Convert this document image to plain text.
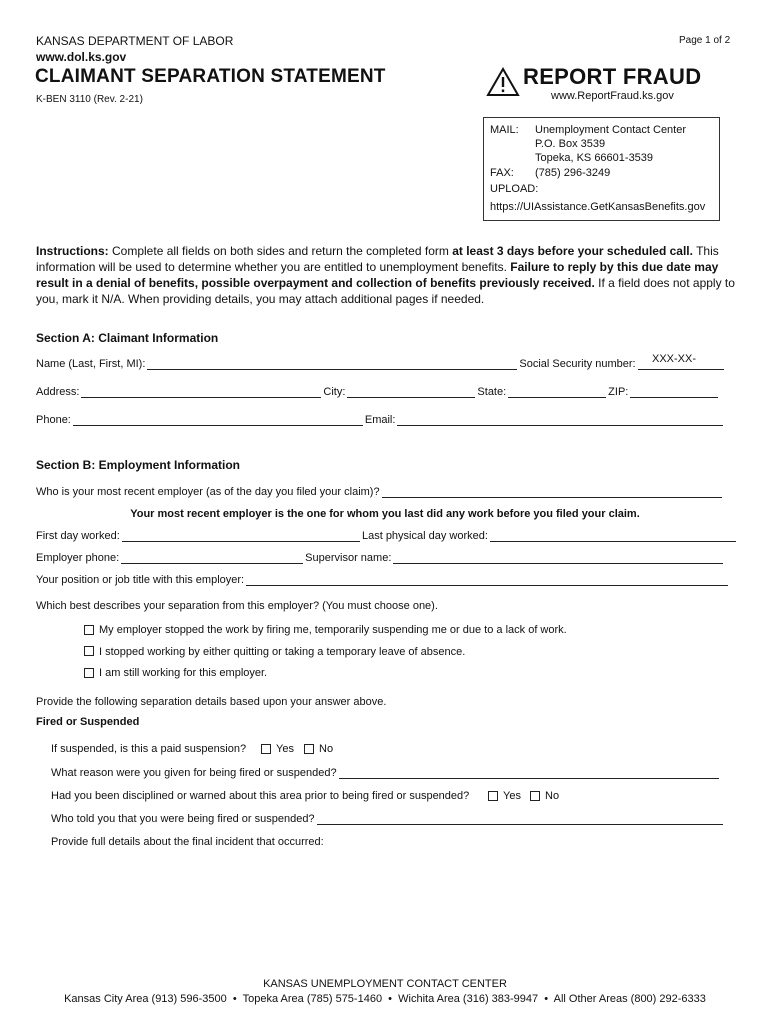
KANSAS DEPARTMENT OF LABOR
www.dol.ks.gov
CLAIMANT SEPARATION STATEMENT
K-BEN 3110 (Rev. 2-21)
Page 1 of 2
REPORT FRAUD
www.ReportFraud.ks.gov
MAIL: Unemployment Contact Center
P.O. Box 3539
Topeka, KS 66601-3539
FAX: (785) 296-3249
UPLOAD:
https://UIAssistance.GetKansasBenefits.gov
Instructions: Complete all fields on both sides and return the completed form at least 3 days before your scheduled call. This information will be used to determine whether you are entitled to unemployment benefits. Failure to reply by this due date may result in a denial of benefits, possible overpayment and collection of benefits previously received. If a field does not apply to you, mark it N/A. When providing details, you may attach additional pages if needed.
Section A: Claimant Information
Name (Last, First, MI):	Social Security number: XXX-XX-
Address:	City:	State:	ZIP:
Phone:	Email:
Section B: Employment Information
Who is your most recent employer (as of the day you filed your claim)?
Your most recent employer is the one for whom you last did any work before you filed your claim.
First day worked:	Last physical day worked:
Employer phone:	Supervisor name:
Your position or job title with this employer:
Which best describes your separation from this employer? (You must choose one).
My employer stopped the work by firing me, temporarily suspending me or due to a lack of work.
I stopped working by either quitting or taking a temporary leave of absence.
I am still working for this employer.
Provide the following separation details based upon your answer above.
Fired or Suspended
If suspended, is this a paid suspension?	Yes No
What reason were you given for being fired or suspended?
Had you been disciplined or warned about this area prior to being fired or suspended?	Yes No
Who told you that you were being fired or suspended?
Provide full details about the final incident that occurred:
KANSAS UNEMPLOYMENT CONTACT CENTER
Kansas City Area (913) 596-3500  •  Topeka Area (785) 575-1460  •  Wichita Area (316) 383-9947  •  All Other Areas (800) 292-6333
